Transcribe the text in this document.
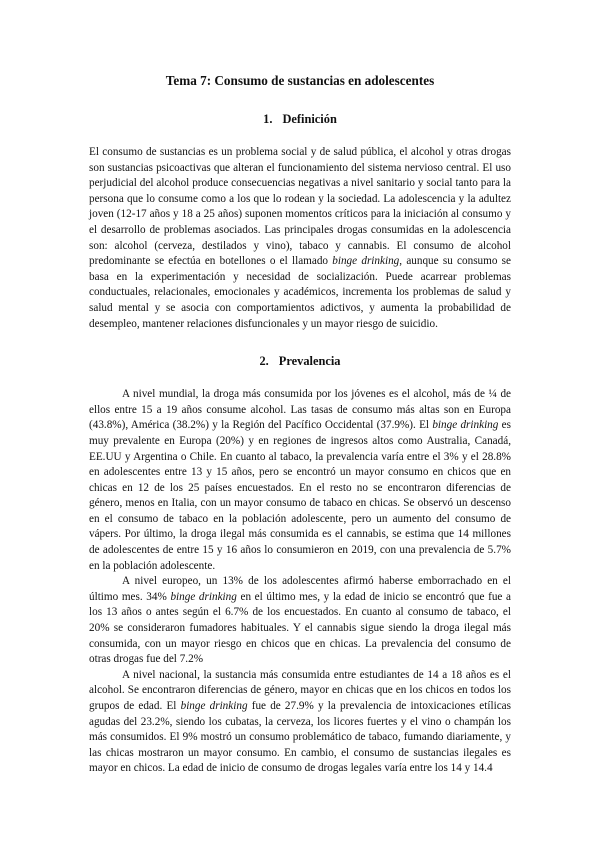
Tema 7: Consumo de sustancias en adolescentes
1. Definición

El consumo de sustancias es un problema social y de salud pública, el alcohol y otras drogas son sustancias psicoactivas que alteran el funcionamiento del sistema nervioso central. El uso perjudicial del alcohol produce consecuencias negativas a nivel sanitario y social tanto para la persona que lo consume como a los que lo rodean y la sociedad. La adolescencia y la adultez joven (12-17 años y 18 a 25 años) suponen momentos críticos para la iniciación al consumo y el desarrollo de problemas asociados. Las principales drogas consumidas en la adolescencia son: alcohol (cerveza, destilados y vino), tabaco y cannabis. El consumo de alcohol predominante se efectúa en botellones o el llamado binge drinking, aunque su consumo se basa en la experimentación y necesidad de socialización. Puede acarrear problemas conductuales, relacionales, emocionales y académicos, incrementa los problemas de salud y salud mental y se asocia con comportamientos adictivos, y aumenta la probabilidad de desempleo, mantener relaciones disfuncionales y un mayor riesgo de suicidio.

2. Prevalencia

A nivel mundial, la droga más consumida por los jóvenes es el alcohol, más de ¼ de ellos entre 15 a 19 años consume alcohol. Las tasas de consumo más altas son en Europa (43.8%), América (38.2%) y la Región del Pacífico Occidental (37.9%). El binge drinking es muy prevalente en Europa (20%) y en regiones de ingresos altos como Australia, Canadá, EE.UU y Argentina o Chile. En cuanto al tabaco, la prevalencia varía entre el 3% y el 28.8% en adolescentes entre 13 y 15 años, pero se encontró un mayor consumo en chicos que en chicas en 12 de los 25 países encuestados. En el resto no se encontraron diferencias de género, menos en Italia, con un mayor consumo de tabaco en chicas. Se observó un descenso en el consumo de tabaco en la población adolescente, pero un aumento del consumo de vápers. Por último, la droga ilegal más consumida es el cannabis, se estima que 14 millones de adolescentes de entre 15 y 16 años lo consumieron en 2019, con una prevalencia de 5.7% en la población adolescente.

A nivel europeo, un 13% de los adolescentes afirmó haberse emborrachado en el último mes. 34% binge drinking en el último mes, y la edad de inicio se encontró que fue a los 13 años o antes según el 6.7% de los encuestados. En cuanto al consumo de tabaco, el 20% se consideraron fumadores habituales. Y el cannabis sigue siendo la droga ilegal más consumida, con un mayor riesgo en chicos que en chicas. La prevalencia del consumo de otras drogas fue del 7.2%

A nivel nacional, la sustancia más consumida entre estudiantes de 14 a 18 años es el alcohol. Se encontraron diferencias de género, mayor en chicas que en los chicos en todos los grupos de edad. El binge drinking fue de 27.9% y la prevalencia de intoxicaciones etílicas agudas del 23.2%, siendo los cubatas, la cerveza, los licores fuertes y el vino o champán los más consumidos. El 9% mostró un consumo problemático de tabaco, fumando diariamente, y las chicas mostraron un mayor consumo. En cambio, el consumo de sustancias ilegales es mayor en chicos. La edad de inicio de consumo de drogas legales varía entre los 14 y 14.4
